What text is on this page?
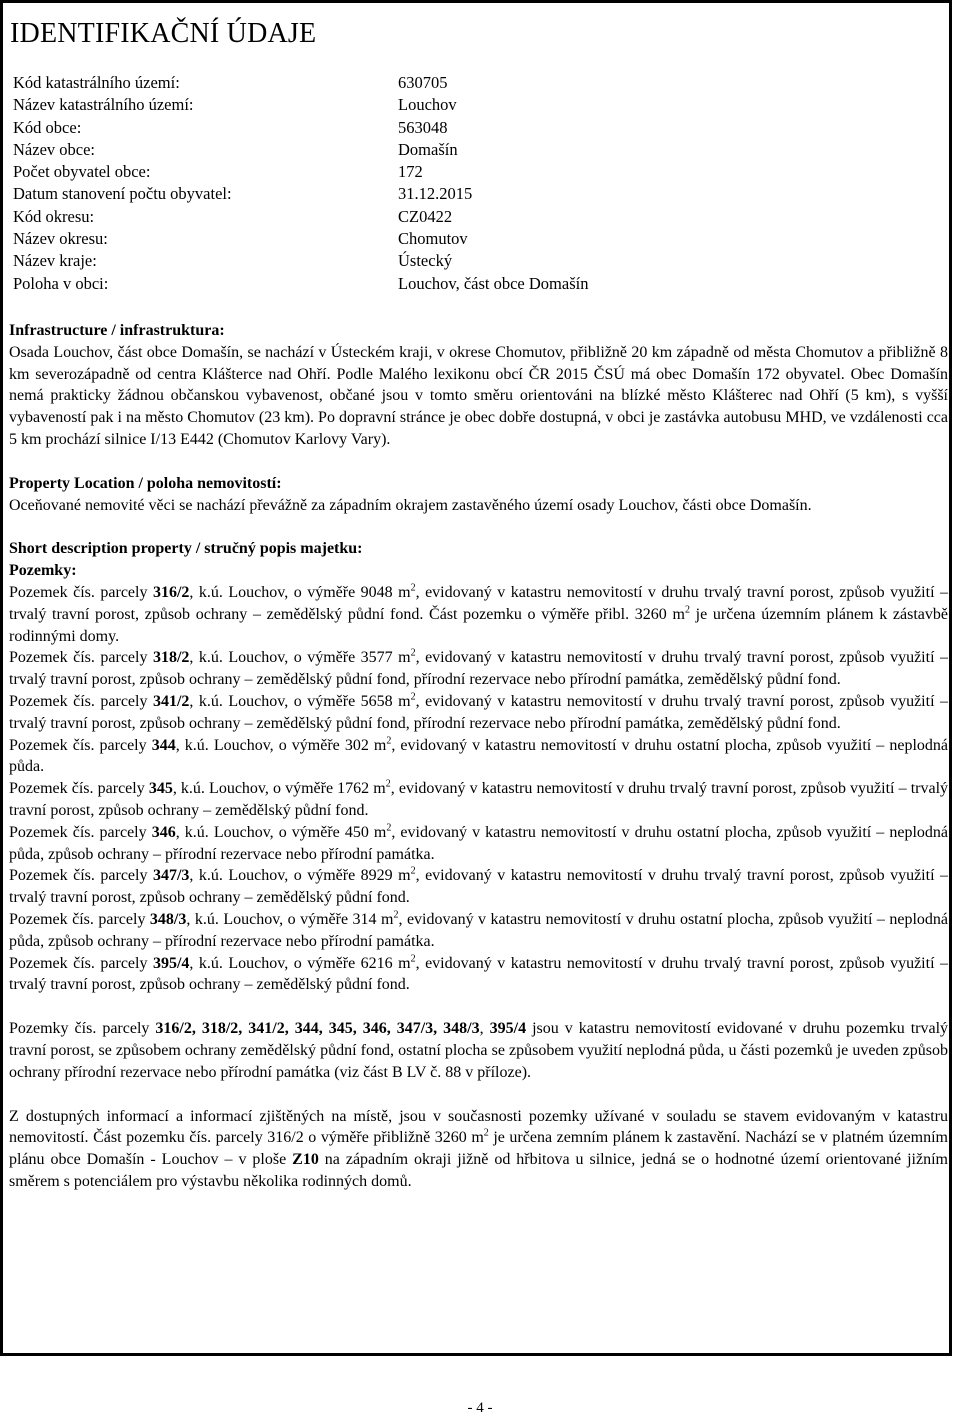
IDENTIFIKAČNÍ ÚDAJE
Kód katastrálního území:	630705
Název katastrálního území:	Louchov
Kód obce:	563048
Název obce:	Domašín
Počet obyvatel obce:	172
Datum stanovení počtu obyvatel:	31.12.2015
Kód okresu:	CZ0422
Název okresu:	Chomutov
Název kraje:	Ústecký
Poloha v obci:	Louchov, část obce Domašín

Infrastructure / infrastruktura:

Osada Louchov, část obce Domašín, se nachází v Ústeckém kraji, v okrese Chomutov, přibližně 20 km západně od města Chomutov a přibližně 8 km severozápadně od centra Klášterce nad Ohří. Podle Malého lexikonu obcí ČR 2015 ČSÚ má obec Domašín 172 obyvatel. Obec Domašín nemá prakticky žádnou občanskou vybavenost, občané jsou v tomto směru orientováni na blízké město Klášterec nad Ohří (5 km), s vyšší vybaveností pak i na město Chomutov (23 km). Po dopravní stránce je obec dobře dostupná, v obci je zastávka autobusu MHD, ve vzdálenosti cca 5 km prochází silnice I/13 E442 (Chomutov Karlovy Vary).

Property Location / poloha nemovitostí:

Oceňované nemovité věci se nachází převážně za západním okrajem zastavěného území osady Louchov, části obce Domašín.

Short description property / stručný popis majetku:

Pozemky:

Pozemek čís. parcely 316/2, k.ú. Louchov, o výměře 9048 $m^2$, evidovaný v katastru nemovitostí v druhu trvalý travní porost, způsob využití – trvalý travní porost, způsob ochrany – zemědělský půdní fond. Část pozemku o výměře přibl. 3260 $m^2$ je určena územním plánem k zástavbě rodinnými domy.

Pozemek čís. parcely 318/2, k.ú. Louchov, o výměře 3577 $m^2$, evidovaný v katastru nemovitostí v druhu trvalý travní porost, způsob využití – trvalý travní porost, způsob ochrany – zemědělský půdní fond, přírodní rezervace nebo přírodní památka, zemědělský půdní fond.

Pozemek čís. parcely 341/2, k.ú. Louchov, o výměře 5658 $m^2$, evidovaný v katastru nemovitostí v druhu trvalý travní porost, způsob využití – trvalý travní porost, způsob ochrany – zemědělský půdní fond, přírodní rezervace nebo přírodní památka, zemědělský půdní fond.

Pozemek čís. parcely 344, k.ú. Louchov, o výměře 302 $m^2$, evidovaný v katastru nemovitostí v druhu ostatní plocha, způsob využití – neplodná půda.

Pozemek čís. parcely 345, k.ú. Louchov, o výměře 1762 $m^2$, evidovaný v katastru nemovitostí v druhu trvalý travní porost, způsob využití – trvalý travní porost, způsob ochrany – zemědělský půdní fond.

Pozemek čís. parcely 346, k.ú. Louchov, o výměře 450 $m^2$, evidovaný v katastru nemovitostí v druhu ostatní plocha, způsob využití – neplodná půda, způsob ochrany – přírodní rezervace nebo přírodní památka.

Pozemek čís. parcely 347/3, k.ú. Louchov, o výměře 8929 $m^2$, evidovaný v katastru nemovitostí v druhu trvalý travní porost, způsob využití – trvalý travní porost, způsob ochrany – zemědělský půdní fond.

Pozemek čís. parcely 348/3, k.ú. Louchov, o výměře 314 $m^2$, evidovaný v katastru nemovitostí v druhu ostatní plocha, způsob využití – neplodná půda, způsob ochrany – přírodní rezervace nebo přírodní památka.

Pozemek čís. parcely 395/4, k.ú. Louchov, o výměře 6216 $m^2$, evidovaný v katastru nemovitostí v druhu trvalý travní porost, způsob využití – trvalý travní porost, způsob ochrany – zemědělský půdní fond.

Pozemky čís. parcely 316/2, 318/2, 341/2, 344, 345, 346, 347/3, 348/3, 395/4 jsou v katastru nemovitostí evidované v druhu pozemku trvalý travní porost, se způsobem ochrany zemědělský půdní fond, ostatní plocha se způsobem využití neplodná půda, u části pozemků je uveden způsob ochrany přírodní rezervace nebo přírodní památka (viz část B LV č. 88 v příloze).

Z dostupných informací a informací zjištěných na místě, jsou v současnosti pozemky užívané v souladu se stavem evidovaným v katastru nemovitostí. Část pozemku čís. parcely 316/2 o výměře přibližně 3260 $m^2$ je určena zemním plánem k zastavění. Nachází se v platném územním plánu obce Domašín - Louchov – v ploše Z10 na západním okraji jižně od hřbitova u silnice, jedná se o hodnotné území orientované jižním směrem s potenciálem pro výstavbu několika rodinných domů.

- 4 -
